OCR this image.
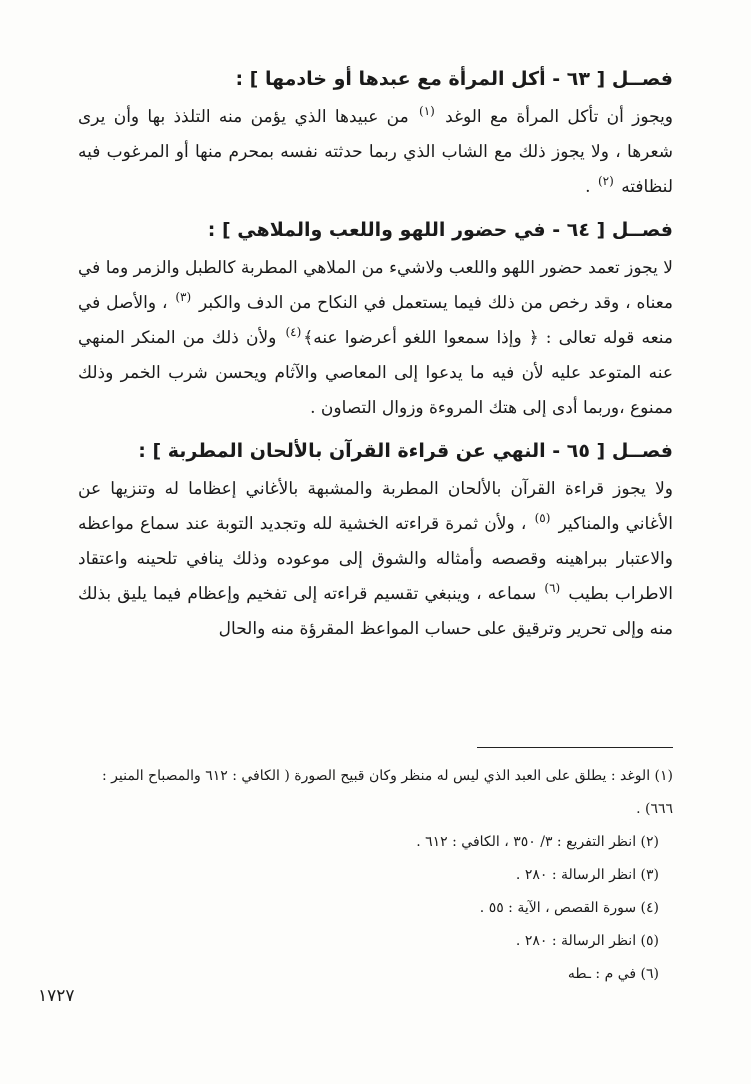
فصــل [ ٦٣ - أكل المرأة مع عبدها أو خادمها ] :

ويجوز أن تأكل المرأة مع الوغد $^{(١)}$ من عبيدها الذي يؤمن منه التلذذ بها وأن يرى شعرها ، ولا يجوز ذلك مع الشاب الذي ربما حدثته نفسه بمحرم منها أو المرغوب فيه لنظافته $^{(٢)}$ .

فصــل [ ٦٤ - في حضور اللهو واللعب والملاهي ] :

لا يجوز تعمد حضور اللهو واللعب ولاشيء من الملاهي المطربة كالطبل والزمر وما في معناه ، وقد رخص من ذلك فيما يستعمل في النكاح من الدف والكبر $^{(٣)}$ ، والأصل في منعه قوله تعالى : ﴿ وإذا سمعوا اللغو أعرضوا عنه﴾$^{(٤)}$ ولأن ذلك من المنكر المنهي عنه المتوعد عليه لأن فيه ما يدعوا إلى المعاصي والآثام ويحسن شرب الخمر وذلك ممنوع ،وربما أدى إلى هتك المروءة وزوال التصاون .

فصــل [ ٦٥ - النهي عن قراءة القرآن بالألحان المطربة ] :

ولا يجوز قراءة القرآن بالألحان المطربة والمشبهة بالأغاني إعظاما له وتنزيها عن الأغاني والمناكير $^{(٥)}$ ، ولأن ثمرة قراءته الخشية لله وتجديد التوبة عند سماع مواعظه والاعتبار ببراهينه وقصصه وأمثاله والشوق إلى موعوده وذلك ينافي تلحينه واعتقاد الاطراب بطيب $^{(٦)}$ سماعه ، وينبغي تقسيم قراءته إلى تفخيم وإعظام فيما يليق بذلك منه وإلى تحرير وترقيق على حساب المواعظ المقرؤة منه والحال

(١) الوغد : يطلق على العبد الذي ليس له منظر وكان قبيح الصورة ( الكافي : ٦١٢ والمصباح المنير : ٦٦٦) .

(٢) انظر التفريع : ٣/ ٣٥٠ ، الكافي : ٦١٢ .

(٣) انظر الرسالة : ٢٨٠ .

(٤) سورة القصص ، الآية : ٥٥ .

(٥) انظر الرسالة : ٢٨٠ .

(٦) في م : ـطه

١٧٢٧
